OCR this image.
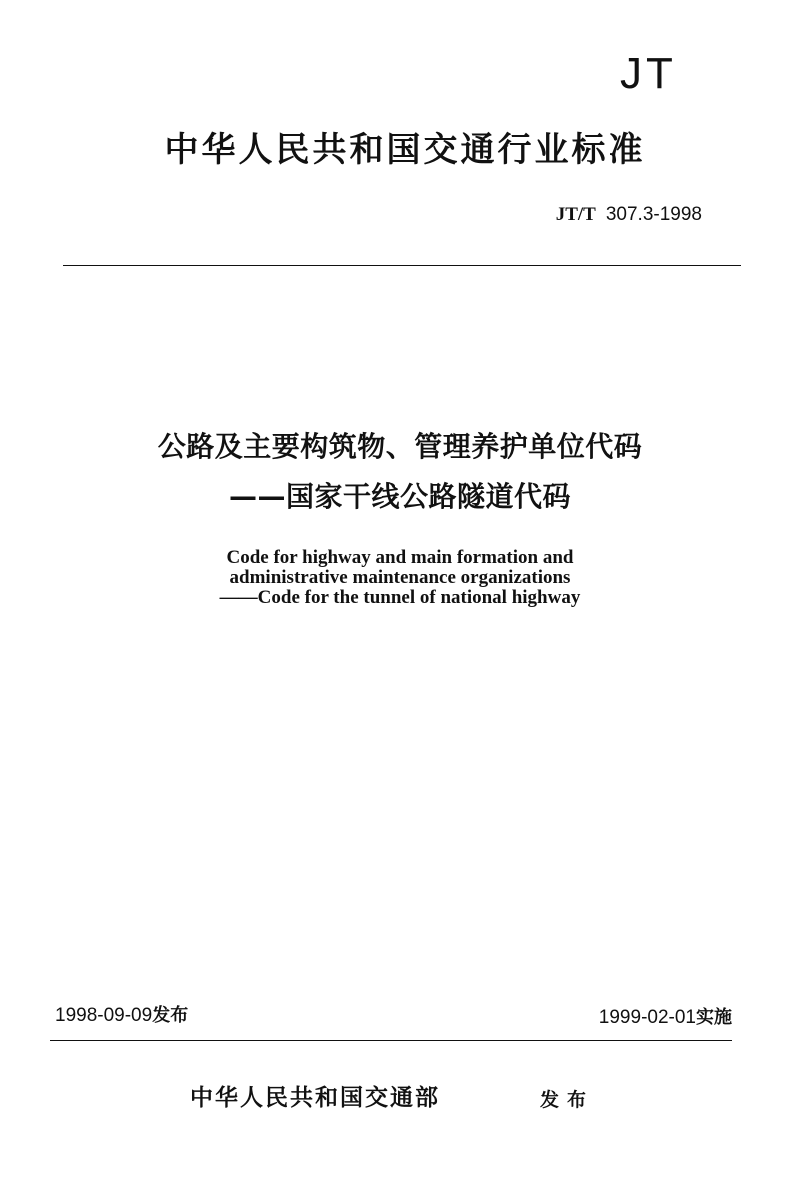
JT
中华人民共和国交通行业标准
JT/T 307.3-1998
公路及主要构筑物、管理养护单位代码
——国家干线公路隧道代码
Code for highway and main formation and
administrative maintenance organizations
——Code for the tunnel of national highway
1998-09-09发布	1999-02-01实施
中华人民共和国交通部	发布
